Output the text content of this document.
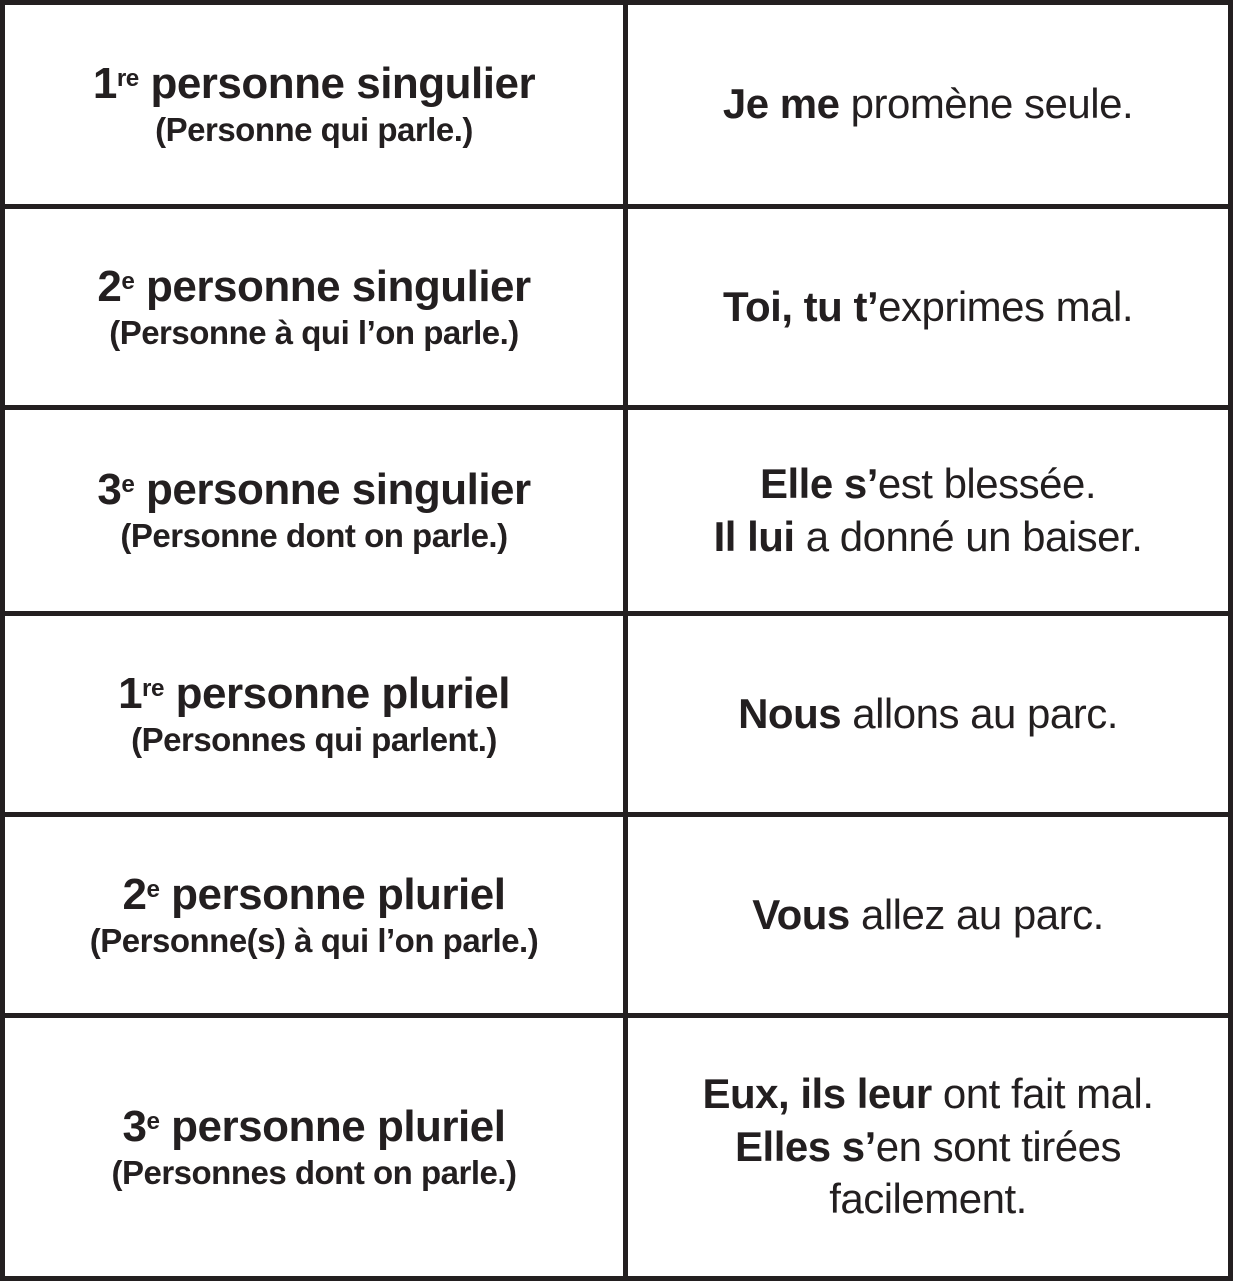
1re personne singulier
(Personne qui parle.)
Je me promène seule.
2e personne singulier
(Personne à qui l’on parle.)
Toi, tu t’exprimes mal.
3e personne singulier
(Personne dont on parle.)
Elle s’est blessée.
Il lui a donné un baiser.
1re personne pluriel
(Personnes qui parlent.)
Nous allons au parc.
2e personne pluriel
(Personne(s) à qui l’on parle.)
Vous allez au parc.
3e personne pluriel
(Personnes dont on parle.)
Eux, ils leur ont fait mal.
Elles s’en sont tirées
facilement.
